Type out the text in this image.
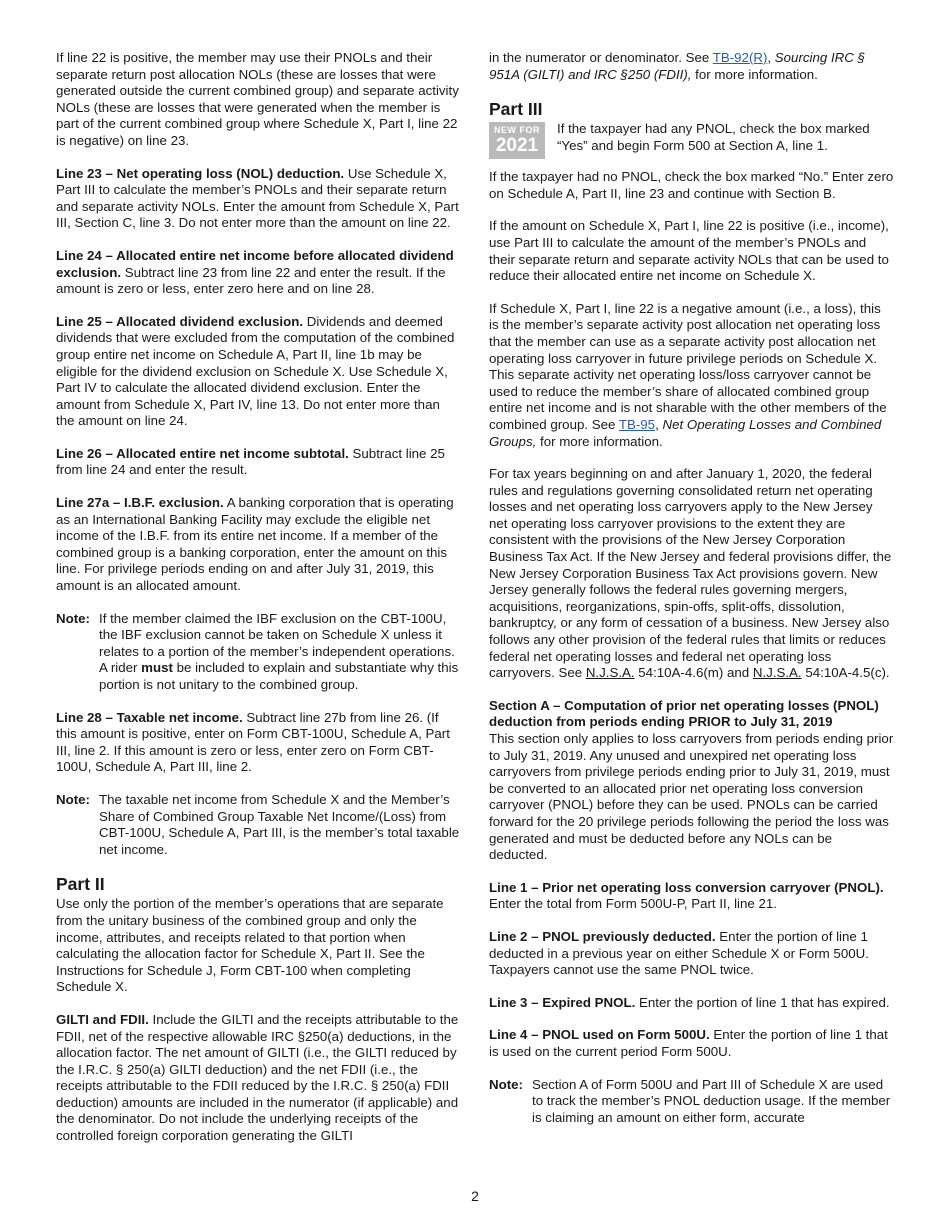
If line 22 is positive, the member may use their PNOLs and their separate return post allocation NOLs (these are losses that were generated outside the current combined group) and separate activity NOLs (these are losses that were generated when the member is part of the current combined group where Schedule X, Part I, line 22 is negative) on line 23.

Line 23 – Net operating loss (NOL) deduction. Use Schedule X, Part III to calculate the member’s PNOLs and their separate return and separate activity NOLs. Enter the amount from Schedule X, Part III, Section C, line 3. Do not enter more than the amount on line 22.

Line 24 – Allocated entire net income before allocated dividend exclusion. Subtract line 23 from line 22 and enter the result. If the amount is zero or less, enter zero here and on line 28.

Line 25 – Allocated dividend exclusion. Dividends and deemed dividends that were excluded from the computation of the combined group entire net income on Schedule A, Part II, line 1b may be eligible for the dividend exclusion on Schedule X. Use Schedule X, Part IV to calculate the allocated dividend exclusion. Enter the amount from Schedule X, Part IV, line 13. Do not enter more than the amount on line 24.

Line 26 – Allocated entire net income subtotal. Subtract line 25 from line 24 and enter the result.

Line 27a – I.B.F. exclusion. A banking corporation that is operating as an International Banking Facility may exclude the eligible net income of the I.B.F. from its entire net income. If a member of the combined group is a banking corporation, enter the amount on this line. For privilege periods ending on and after July 31, 2019, this amount is an allocated amount.

Note: If the member claimed the IBF exclusion on the CBT-100U, the IBF exclusion cannot be taken on Schedule X unless it relates to a portion of the member’s independent operations. A rider must be included to explain and substantiate why this portion is not unitary to the combined group.

Line 28 – Taxable net income. Subtract line 27b from line 26. (If this amount is positive, enter on Form CBT-100U, Schedule A, Part III, line 2. If this amount is zero or less, enter zero on Form CBT-100U, Schedule A, Part III, line 2.

Note: The taxable net income from Schedule X and the Member’s Share of Combined Group Taxable Net Income/(Loss) from CBT-100U, Schedule A, Part III, is the member’s total taxable net income.
Part II

Use only the portion of the member’s operations that are separate from the unitary business of the combined group and only the income, attributes, and receipts related to that portion when calculating the allocation factor for Schedule X, Part II. See the Instructions for Schedule J, Form CBT-100 when completing Schedule X.

GILTI and FDII. Include the GILTI and the receipts attributable to the FDII, net of the respective allowable IRC §250(a) deductions, in the allocation factor. The net amount of GILTI (i.e., the GILTI reduced by the I.R.C. § 250(a) GILTI deduction) and the net FDII (i.e., the receipts attributable to the FDII reduced by the I.R.C. § 250(a) FDII deduction) amounts are included in the numerator (if applicable) and the denominator. Do not include the underlying receipts of the controlled foreign corporation generating the GILTI

in the numerator or denominator. See TB-92(R), Sourcing IRC § 951A (GILTI) and IRC §250 (FDII), for more information.

Part III
NEW FOR
2021
If the taxpayer had any PNOL, check the box marked “Yes” and begin Form 500 at Section A, line 1.

If the taxpayer had no PNOL, check the box marked “No.” Enter zero on Schedule A, Part II, line 23 and continue with Section B.

If the amount on Schedule X, Part I, line 22 is positive (i.e., income), use Part III to calculate the amount of the member’s PNOLs and their separate return and separate activity NOLs that can be used to reduce their allocated entire net income on Schedule X.

If Schedule X, Part I, line 22 is a negative amount (i.e., a loss), this is the member’s separate activity post allocation net operating loss that the member can use as a separate activity post allocation net operating loss carryover in future privilege periods on Schedule X. This separate activity net operating loss/loss carryover cannot be used to reduce the member’s share of allocated combined group entire net income and is not sharable with the other members of the combined group. See TB-95, Net Operating Losses and Combined Groups, for more information.

For tax years beginning on and after January 1, 2020, the federal rules and regulations governing consolidated return net operating losses and net operating loss carryovers apply to the New Jersey net operating loss carryover provisions to the extent they are consistent with the provisions of the New Jersey Corporation Business Tax Act. If the New Jersey and federal provisions differ, the New Jersey Corporation Business Tax Act provisions govern. New Jersey generally follows the federal rules governing mergers, acquisitions, reorganizations, spin-offs, split-offs, dissolution, bankruptcy, or any form of cessation of a business. New Jersey also follows any other provision of the federal rules that limits or reduces federal net operating losses and federal net operating loss carryovers. See N.J.S.A. 54:10A-4.6(m) and N.J.S.A. 54:10A-4.5(c).

Section A – Computation of prior net operating losses (PNOL) deduction from periods ending PRIOR to July 31, 2019

This section only applies to loss carryovers from periods ending prior to July 31, 2019. Any unused and unexpired net operating loss carryovers from privilege periods ending prior to July 31, 2019, must be converted to an allocated prior net operating loss conversion carryover (PNOL) before they can be used. PNOLs can be carried forward for the 20 privilege periods following the period the loss was generated and must be deducted before any NOLs can be deducted.

Line 1 – Prior net operating loss conversion carryover (PNOL). Enter the total from Form 500U-P, Part II, line 21.

Line 2 – PNOL previously deducted. Enter the portion of line 1 deducted in a previous year on either Schedule X or Form 500U. Taxpayers cannot use the same PNOL twice.

Line 3 – Expired PNOL. Enter the portion of line 1 that has expired.

Line 4 – PNOL used on Form 500U. Enter the portion of line 1 that is used on the current period Form 500U.

Note: Section A of Form 500U and Part III of Schedule X are used to track the member’s PNOL deduction usage. If the member is claiming an amount on either form, accurate
2
